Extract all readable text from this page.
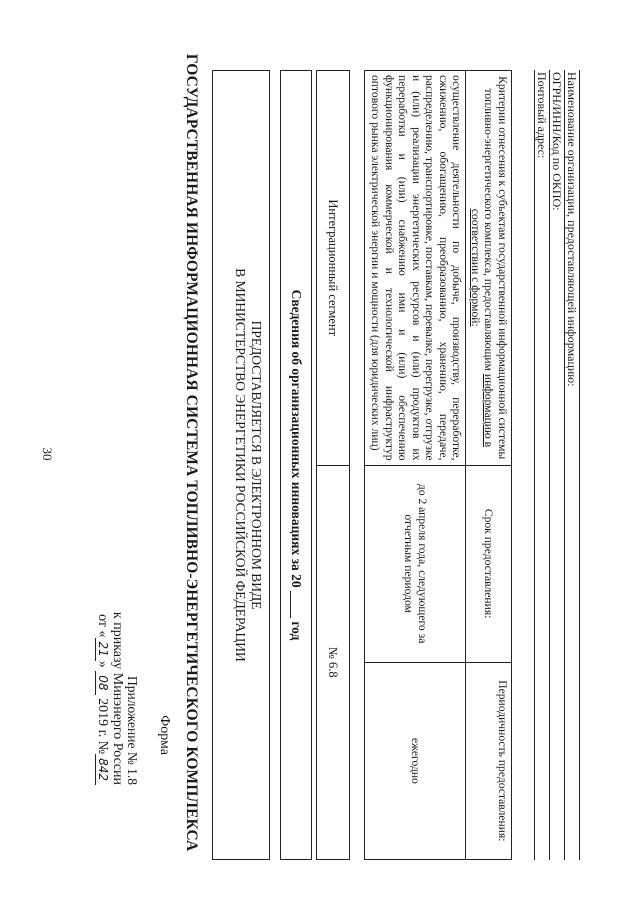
30
Приложение № 1.8
к приказу Минэнерго России
от «21» 08 2019 г. №842
Форма ГОСУДАРСТВЕННАЯ ИНФОРМАЦИОННАЯ СИСТЕМА ТОПЛИВНО-ЭНЕРГЕТИЧЕСКОГО КОМПЛЕКСА	ПРЕДОСТАВЛЯЕТСЯ В ЭЛЕКТРОННОМ ВИДЕ
В МИНИСТЕРСТВО ЭНЕРГЕТИКИ РОССИЙСКОЙ ФЕДЕРАЦИИ	Сведения об организационных инновациях за 20 ____ год
Интеграционный сегмент
№ 6.8
Критерии отнесения к субъектам государственной информационной системы топливно-энергетического комплекса, предоставляющим информацию в соответствии с формой:	Срок предоставления:	Периодичность предоставления:
осуществление деятельности по добыче, производству, переработке, сжижению, обогащению, преобразованию, хранению, передаче, распределению, транспортировке, поставкам, перевалке, перегрузке, отгрузке и (или) реализации энергетических ресурсов и (или) продуктов их переработки и (или) снабжению ими и (или) обеспечению функционирования коммерческой и технологической инфраструктур оптового рынка электрической энергии и мощности (для юридических лиц)	до 2 апреля года, следующего за отчетным периодом	ежегодно
Наименование организации, предоставляющей информацию:
ОГРН/ИНН/Код по ОКПО:
Почтовый адрес:
